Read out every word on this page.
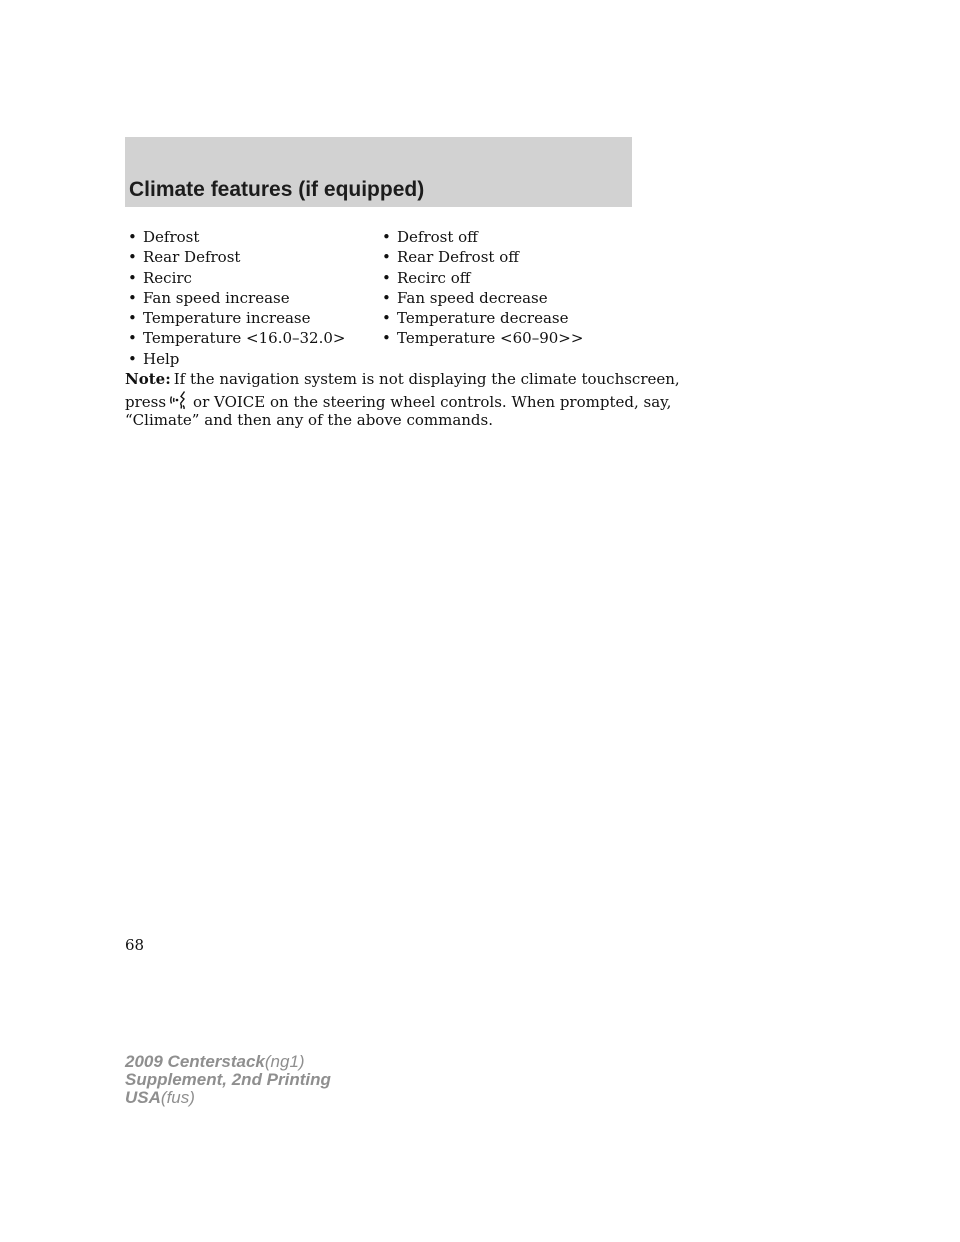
Climate features (if equipped)
• Defrost	• Defrost off
• Rear Defrost	• Rear Defrost off
• Recirc	• Recirc off
• Fan speed increase	• Fan speed decrease
• Temperature increase	• Temperature decrease
• Temperature <16.0–32.0> • Temperature <60–90>>
• Help
Note: If the navigation system is not displaying the climate touchscreen,
press or VOICE on the steering wheel controls. When prompted, say,
“Climate” and then any of the above commands.
68
2009 Centerstack(ng1)
Supplement, 2nd Printing
USA(fus)
